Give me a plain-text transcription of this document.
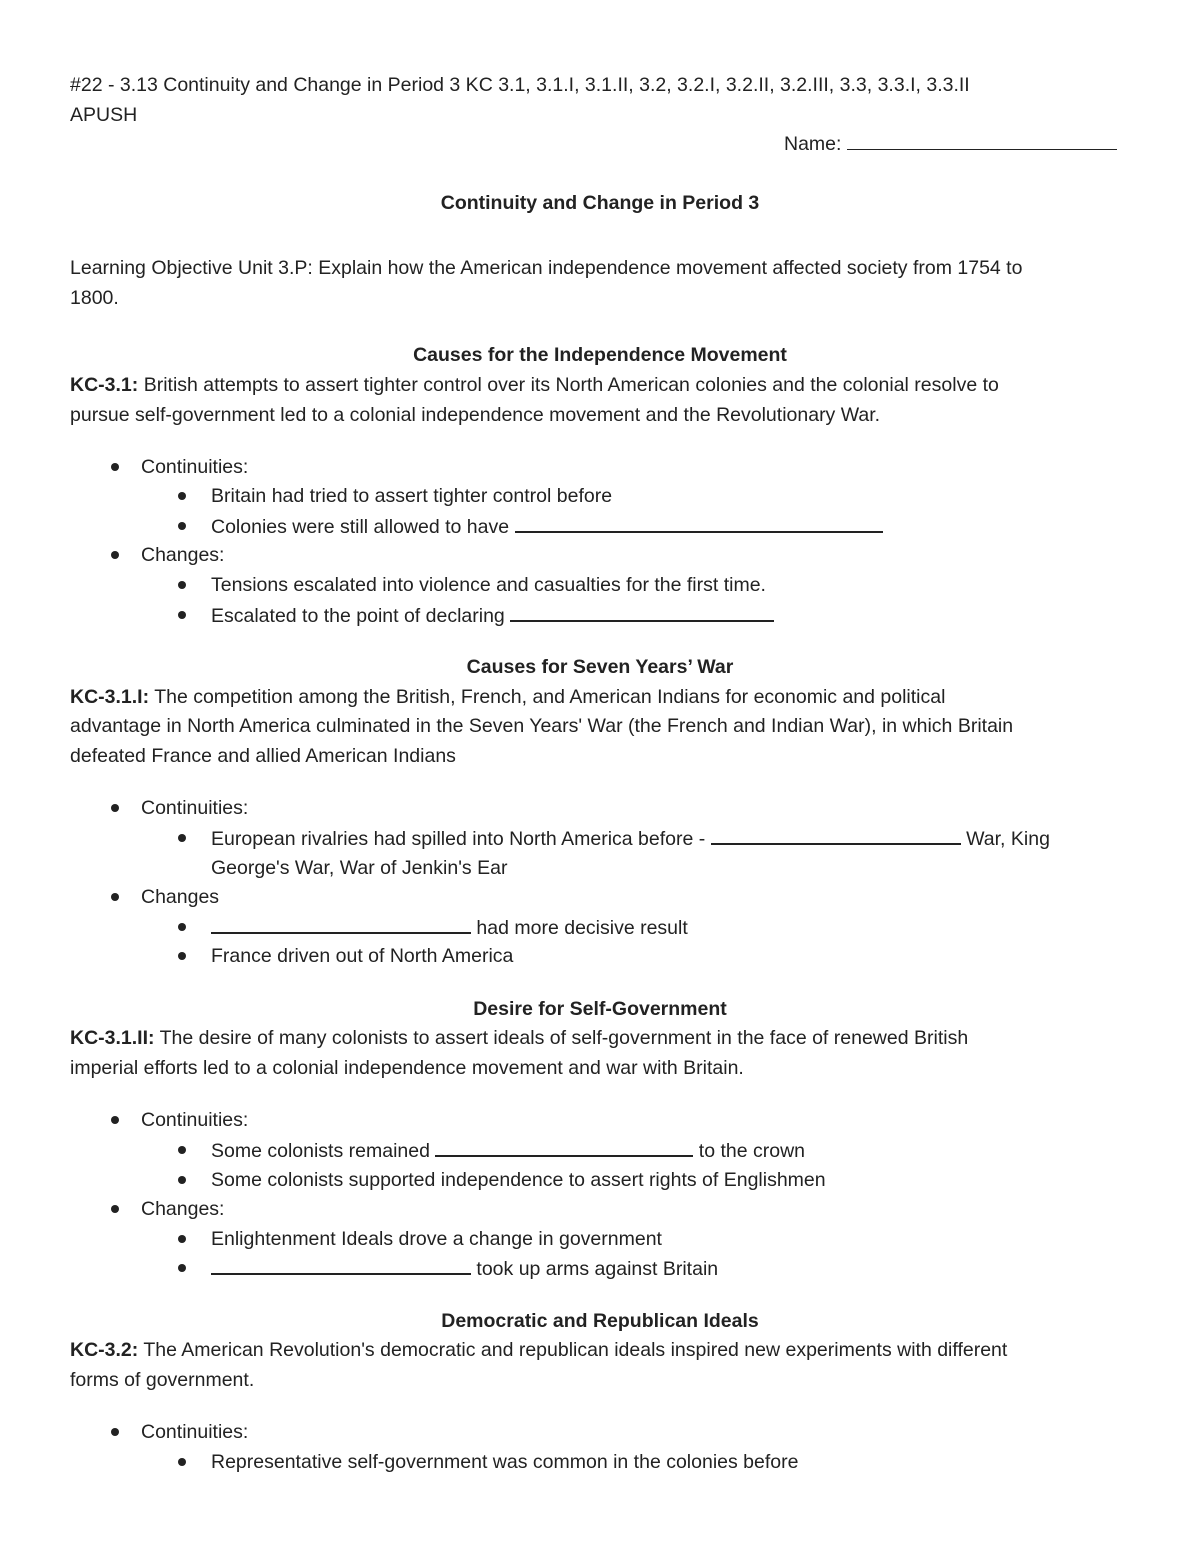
#22 - 3.13 Continuity and Change in Period 3 KC 3.1, 3.1.I, 3.1.II, 3.2, 3.2.I, 3.2.II, 3.2.III, 3.3, 3.3.I, 3.3.II
APUSH
Name:
Continuity and Change in Period 3
Learning Objective Unit 3.P: Explain how the American independence movement affected society from 1754 to
1800.
Causes for the Independence Movement
KC-3.1: British attempts to assert tighter control over its North American colonies and the colonial resolve to
pursue self-government led to a colonial independence movement and the Revolutionary War.
Continuities:
Britain had tried to assert tighter control before
Colonies were still allowed to have
Changes:
Tensions escalated into violence and casualties for the first time.
Escalated to the point of declaring
Causes for Seven Years’ War
KC-3.1.I: The competition among the British, French, and American Indians for economic and political
advantage in North America culminated in the Seven Years' War (the French and Indian War), in which Britain
defeated France and allied American Indians
Continuities:
European rivalries had spilled into North America before -	War, King
George's War, War of Jenkin's Ear
Changes
had more decisive result
France driven out of North America
Desire for Self-Government
KC-3.1.II: The desire of many colonists to assert ideals of self-government in the face of renewed British
imperial efforts led to a colonial independence movement and war with Britain.
Continuities:
Some colonists remained	to the crown
Some colonists supported independence to assert rights of Englishmen
Changes:
Enlightenment Ideals drove a change in government
took up arms against Britain
Democratic and Republican Ideals
KC-3.2: The American Revolution's democratic and republican ideals inspired new experiments with different
forms of government.
Continuities:
Representative self-government was common in the colonies before
